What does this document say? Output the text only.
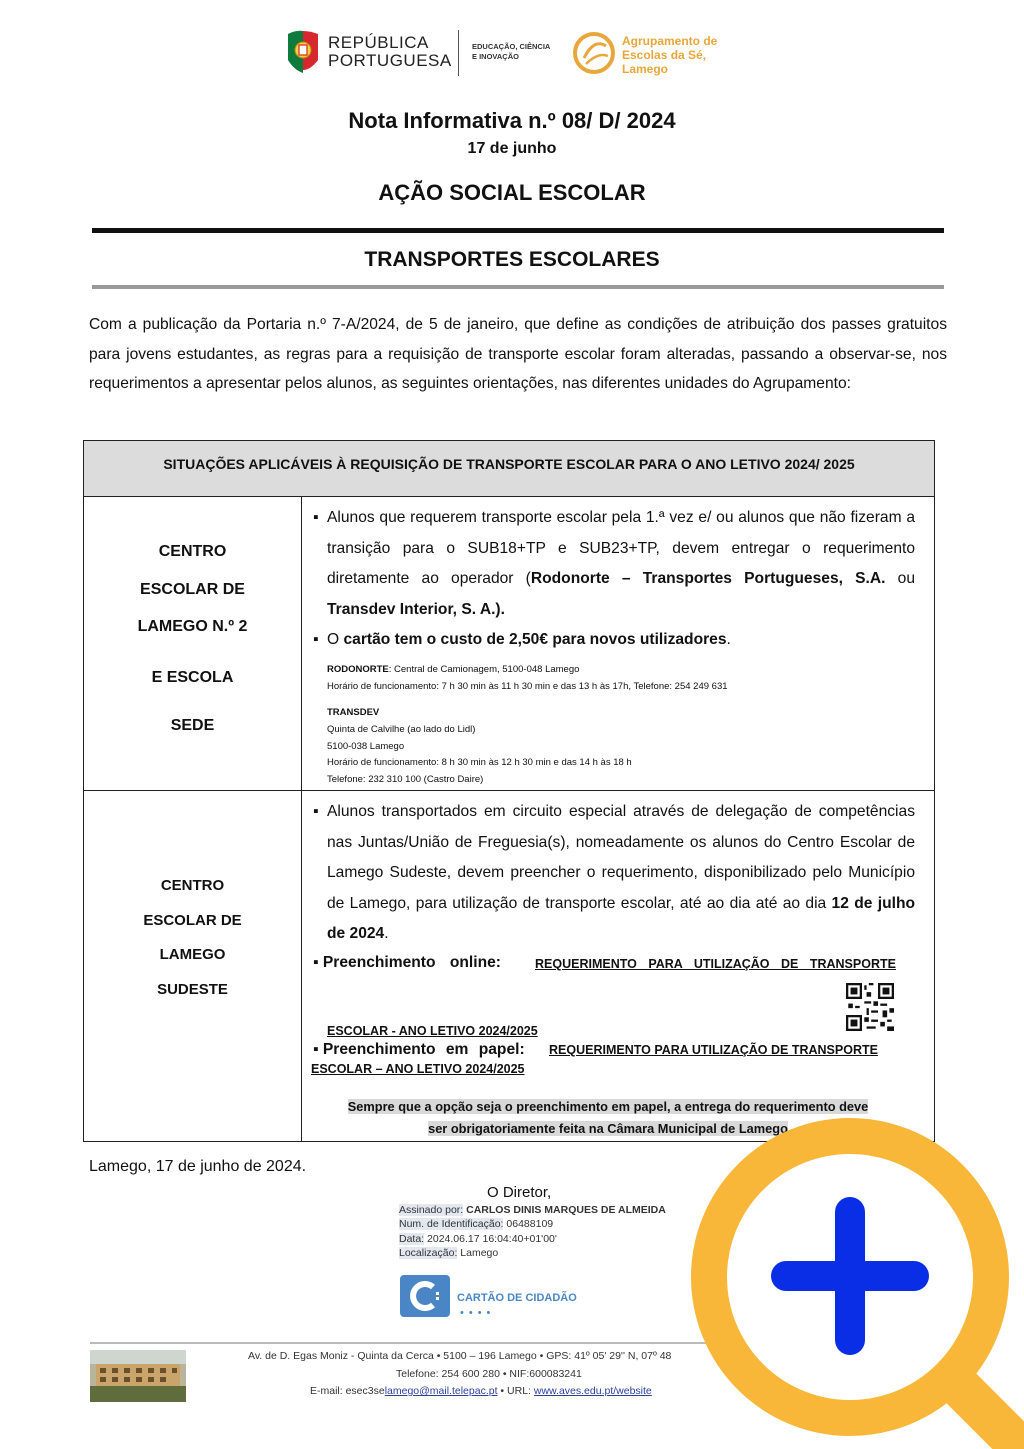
REPÚBLICA
PORTUGUESA
EDUCAÇÃO, CIÊNCIA
E INOVAÇÃO
Agrupamento de
Escolas da Sé,
Lamego
Nota Informativa n.º 08/ D/ 2024
17 de junho
AÇÃO SOCIAL ESCOLAR
TRANSPORTES ESCOLARES
Com a publicação da Portaria n.º 7-A/2024, de 5 de janeiro, que define as condições de atribuição dos passes gratuitos para jovens estudantes, as regras para a requisição de transporte escolar foram alteradas, passando a observar-se, nos requerimentos a apresentar pelos alunos, as seguintes orientações, nas diferentes unidades do Agrupamento:
SITUAÇÕES APLICÁVEIS À REQUISIÇÃO DE TRANSPORTE ESCOLAR PARA O ANO LETIVO 2024/ 2025
CENTRO
ESCOLAR DE
LAMEGO N.º 2
E ESCOLA
SEDE
▪ Alunos que requerem transporte escolar pela 1.ª vez e/ ou alunos que não fizeram a transição para o SUB18+TP e SUB23+TP, devem entregar o requerimento diretamente ao operador (Rodonorte – Transportes Portugueses, S.A. ou Transdev Interior, S. A.).
▪ O cartão tem o custo de 2,50€ para novos utilizadores.
RODONORTE: Central de Camionagem, 5100-048 Lamego
Horário de funcionamento: 7 h 30 min às 11 h 30 min e das 13 h às 17h, Telefone: 254 249 631
TRANSDEV
Quinta de Calvilhe (ao lado do Lidl)
5100-038 Lamego
Horário de funcionamento: 8 h 30 min às 12 h 30 min e das 14 h às 18 h
Telefone: 232 310 100 (Castro Daire)
CENTRO
ESCOLAR DE
LAMEGO
SUDESTE
▪ Alunos transportados em circuito especial através de delegação de competências nas Juntas/União de Freguesia(s), nomeadamente os alunos do Centro Escolar de Lamego Sudeste, devem preencher o requerimento, disponibilizado pelo Município de Lamego, para utilização de transporte escolar, até ao dia até ao dia 12 de julho de 2024.
▪ Preenchimento online:	REQUERIMENTO PARA UTILIZAÇÃO DE TRANSPORTE
ESCOLAR - ANO LETIVO 2024/2025
▪ Preenchimento em papel: REQUERIMENTO PARA UTILIZAÇÃO DE TRANSPORTE
ESCOLAR – ANO LETIVO 2024/2025
Sempre que a opção seja o preenchimento em papel, a entrega do requerimento deve
ser obrigatoriamente feita na Câmara Municipal de Lamego
Lamego, 17 de junho de 2024.
O Diretor,
Assinado por: CARLOS DINIS MARQUES DE ALMEIDA
Num. de Identificação: 06488109
Data: 2024.06.17 16:04:40+01'00'
Localização: Lamego
CARTÃO DE CIDADÃO
••••
Av. de D. Egas Moniz - Quinta da Cerca • 5100 – 196 Lamego • GPS: 41º 05' 29'' N, 07º 48
Telefone: 254 600 280 • NIF:600083241
E-mail: esec3selamego@mail.telepac.pt • URL: www.aves.edu.pt/website
